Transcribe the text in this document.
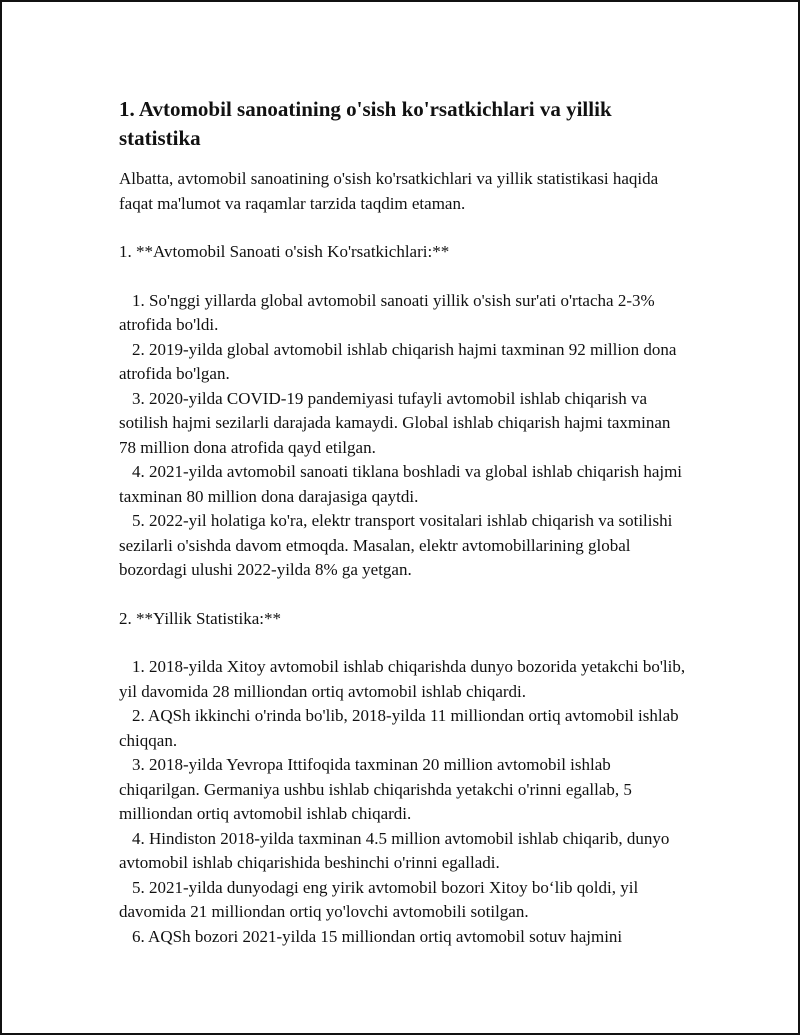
1. Avtomobil sanoatining o'sish ko'rsatkichlari va yillik statistika

Albatta, avtomobil sanoatining o'sish ko'rsatkichlari va yillik statistikasi haqida faqat ma'lumot va raqamlar tarzida taqdim etaman.

1. **Avtomobil Sanoati o'sish Ko'rsatkichlari:**

1. So'nggi yillarda global avtomobil sanoati yillik o'sish sur'ati o'rtacha 2-3% atrofida bo'ldi.

2. 2019-yilda global avtomobil ishlab chiqarish hajmi taxminan 92 million dona atrofida bo'lgan.

3. 2020-yilda COVID-19 pandemiyasi tufayli avtomobil ishlab chiqarish va sotilish hajmi sezilarli darajada kamaydi. Global ishlab chiqarish hajmi taxminan 78 million dona atrofida qayd etilgan.

4. 2021-yilda avtomobil sanoati tiklana boshladi va global ishlab chiqarish hajmi taxminan 80 million dona darajasiga qaytdi.

5. 2022-yil holatiga ko'ra, elektr transport vositalari ishlab chiqarish va sotilishi sezilarli o'sishda davom etmoqda. Masalan, elektr avtomobillarining global bozordagi ulushi 2022-yilda 8% ga yetgan.

2. **Yillik Statistika:**

1. 2018-yilda Xitoy avtomobil ishlab chiqarishda dunyo bozorida yetakchi bo'lib, yil davomida 28 milliondan ortiq avtomobil ishlab chiqardi.

2. AQSh ikkinchi o'rinda bo'lib, 2018-yilda 11 milliondan ortiq avtomobil ishlab chiqqan.

3. 2018-yilda Yevropa Ittifoqida taxminan 20 million avtomobil ishlab chiqarilgan. Germaniya ushbu ishlab chiqarishda yetakchi o'rinni egallab, 5 milliondan ortiq avtomobil ishlab chiqardi.

4. Hindiston 2018-yilda taxminan 4.5 million avtomobil ishlab chiqarib, dunyo avtomobil ishlab chiqarishida beshinchi o'rinni egalladi.

5. 2021-yilda dunyodagi eng yirik avtomobil bozori Xitoy bo‘lib qoldi, yil davomida 21 milliondan ortiq yo'lovchi avtomobili sotilgan.

6. AQSh bozori 2021-yilda 15 milliondan ortiq avtomobil sotuv hajmini
